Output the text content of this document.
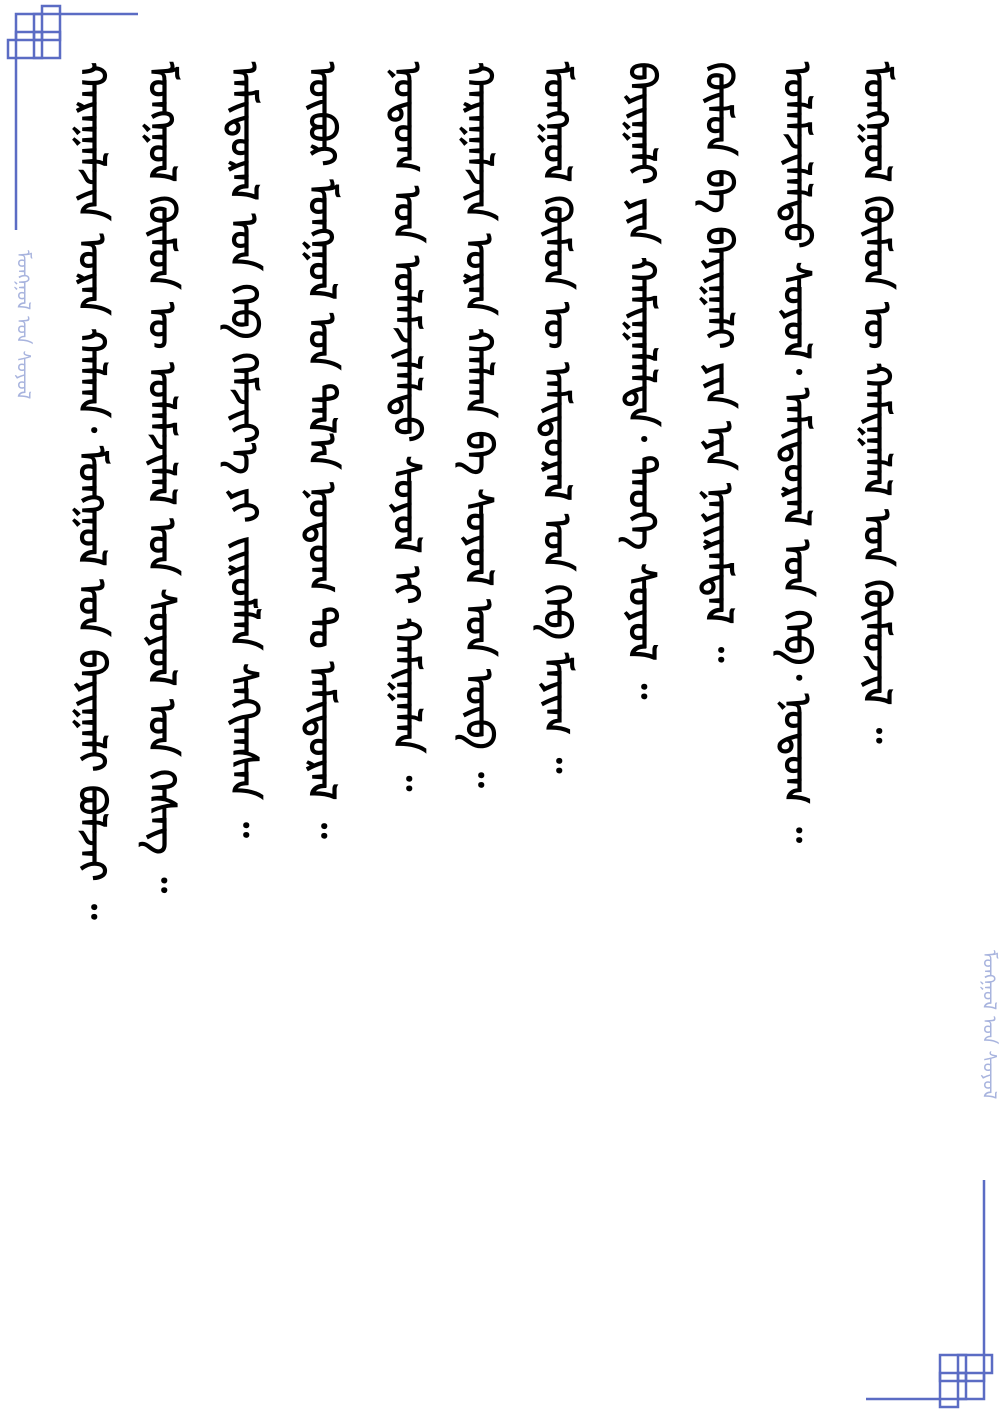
ᠮᠣᠩᠭᠣᠯ ᠤᠨ ᠰᠣᠶᠣᠯ
ᠮᠣᠩᠭᠣᠯ ᠤᠨ ᠰᠣᠶᠣᠯ
ᠬᠠᠷᠠᠭᠠᠯᠵᠢᠨ ᠤᠷᠠᠨ ᠬᠠᠯᠬᠠ᠂ ᠮᠣᠩᠭᠣᠯ ᠤᠨ ᠪᠠᠶᠢᠭᠠᠯᠢ ᠪᠣᠯᠵᠠᠢ ᠃ ᠮᠣᠩᠭᠣᠯ ᠬᠦᠮᠦᠨ ᠦ ᠤᠯᠠᠮᠵᠢᠯᠠᠯ ᠤᠨ ᠰᠣᠶᠣᠯ ᠤᠨ ᠬᠡᠰᠡᠭ ᠃ ᠠᠮᠢᠳᠤᠷᠠᠯ ᠤᠨ ᠬᠡᠪ ᠬᠡᠮᠵᠢᠶ᠎ᠡ ᠶᠢ ᠵᠢᠷᠤᠮᠯᠠᠨ ᠰᠠᠬᠢᠭᠰᠠᠨ ᠃ ᠥᠪᠥᠷ ᠮᠣᠩᠭᠣᠯ ᠤᠨ ᠲᠠᠯ᠎ᠠ ᠨᠤᠲᠤᠭ ᠲᠤ ᠠᠮᠢᠳᠤᠷᠠᠯ ᠃ ᠨᠤᠲᠤᠭ ᠤᠨ ᠤᠯᠠᠮᠵᠢᠯᠠᠯᠲᠤ ᠰᠣᠶᠣᠯ ᠢ ᠬᠠᠮᠢᠭᠠᠯᠠᠨ ᠃ ᠬᠠᠷᠠᠭᠠᠯᠵᠢᠨ ᠤᠷᠠᠨ ᠬᠠᠯᠬᠠ ᠪᠠ ᠰᠣᠶᠣᠯ ᠤᠨ ᠥᠪ ᠃ ᠮᠣᠩᠭᠣᠯ ᠬᠦᠮᠦᠨ ᠦ ᠠᠮᠢᠳᠤᠷᠠᠯ ᠤᠨ ᠬᠡᠪ ᠮᠠᠶᠢᠭ ᠃ ᠪᠠᠶᠢᠭᠠᠯᠢ ᠶᠢᠨ ᠬᠠᠮᠢᠭᠠᠯᠠᠯᠲᠠ᠂ ᠲᠡᠦᠬᠡ ᠰᠣᠶᠣᠯ ᠃ ᠬᠦᠮᠦᠨ ᠪᠠ ᠪᠠᠶᠢᠭᠠᠯᠢ ᠶᠢᠨ ᠡᠶᠡ ᠨᠠᠶᠢᠷᠠᠮᠳᠠᠯ ᠃ ᠤᠯᠠᠮᠵᠢᠯᠠᠯᠲᠤ ᠰᠣᠶᠣᠯ᠂ ᠠᠮᠢᠳᠤᠷᠠᠯ ᠤᠨ ᠬᠡᠪ᠂ ᠨᠤᠲᠤᠭ ᠃ ᠮᠣᠩᠭᠣᠯ ᠬᠦᠮᠦᠨ ᠦ ᠬᠠᠮᠢᠭᠠᠯᠠᠯ ᠤᠨ ᠬᠦᠮᠦᠵᠢᠯ ᠃
